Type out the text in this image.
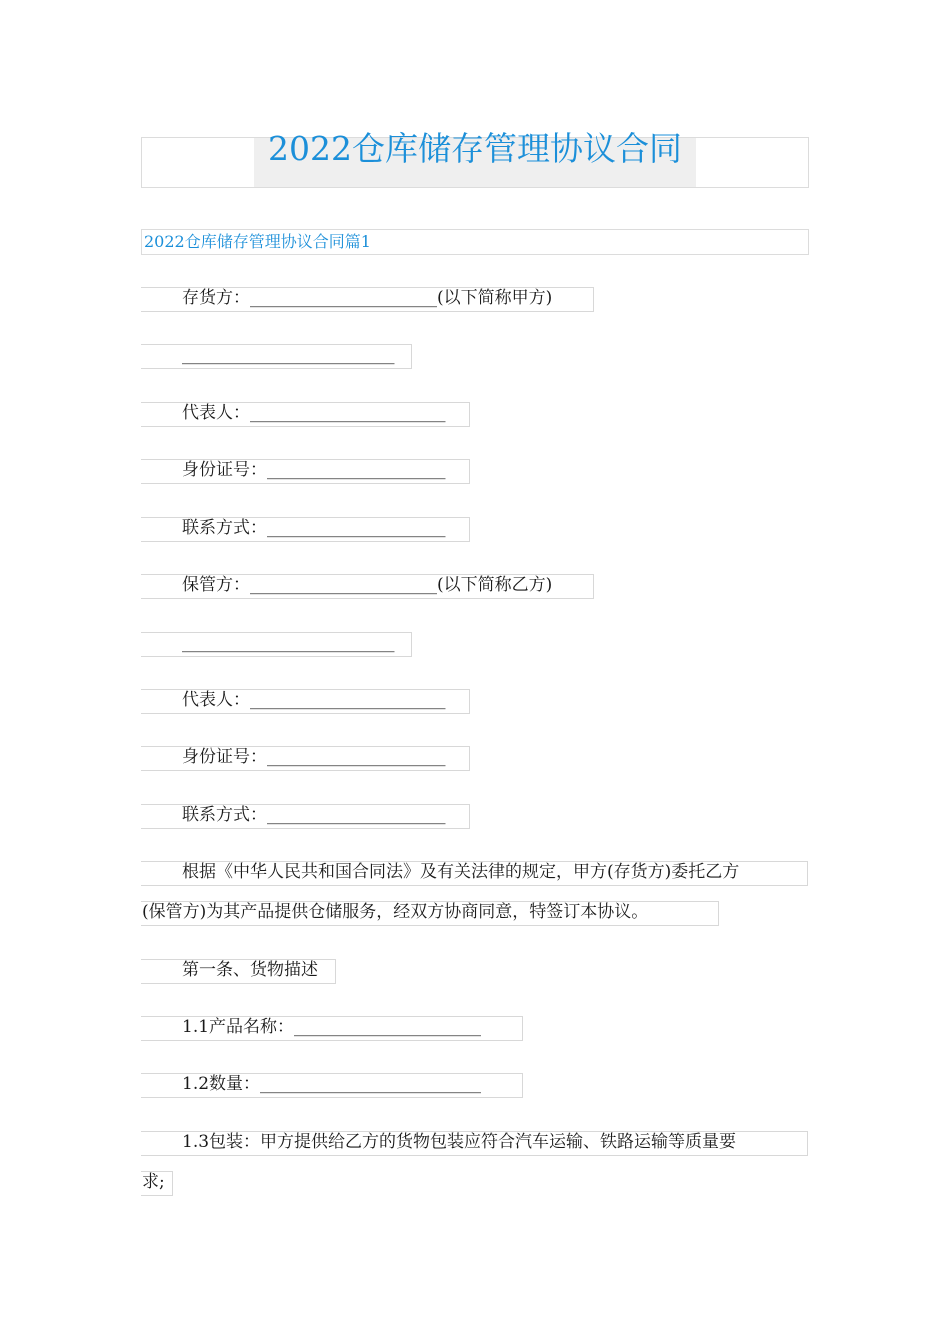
2022仓库储存管理协议合同
2022仓库储存管理协议合同篇1
存货方：______________________(以下简称甲方)
_________________________
代表人：_______________________
身份证号：_____________________
联系方式：_____________________
保管方：______________________(以下简称乙方)
_________________________
代表人：_______________________
身份证号：_____________________
联系方式：_____________________
根据《中华人民共和国合同法》及有关法律的规定，甲方(存货方)委托乙方
(保管方)为其产品提供仓储服务，经双方协商同意，特签订本协议。
第一条、货物描述
1.1产品名称：______________________
1.2数量：__________________________
1.3包装：甲方提供给乙方的货物包装应符合汽车运输、铁路运输等质量要
求;
